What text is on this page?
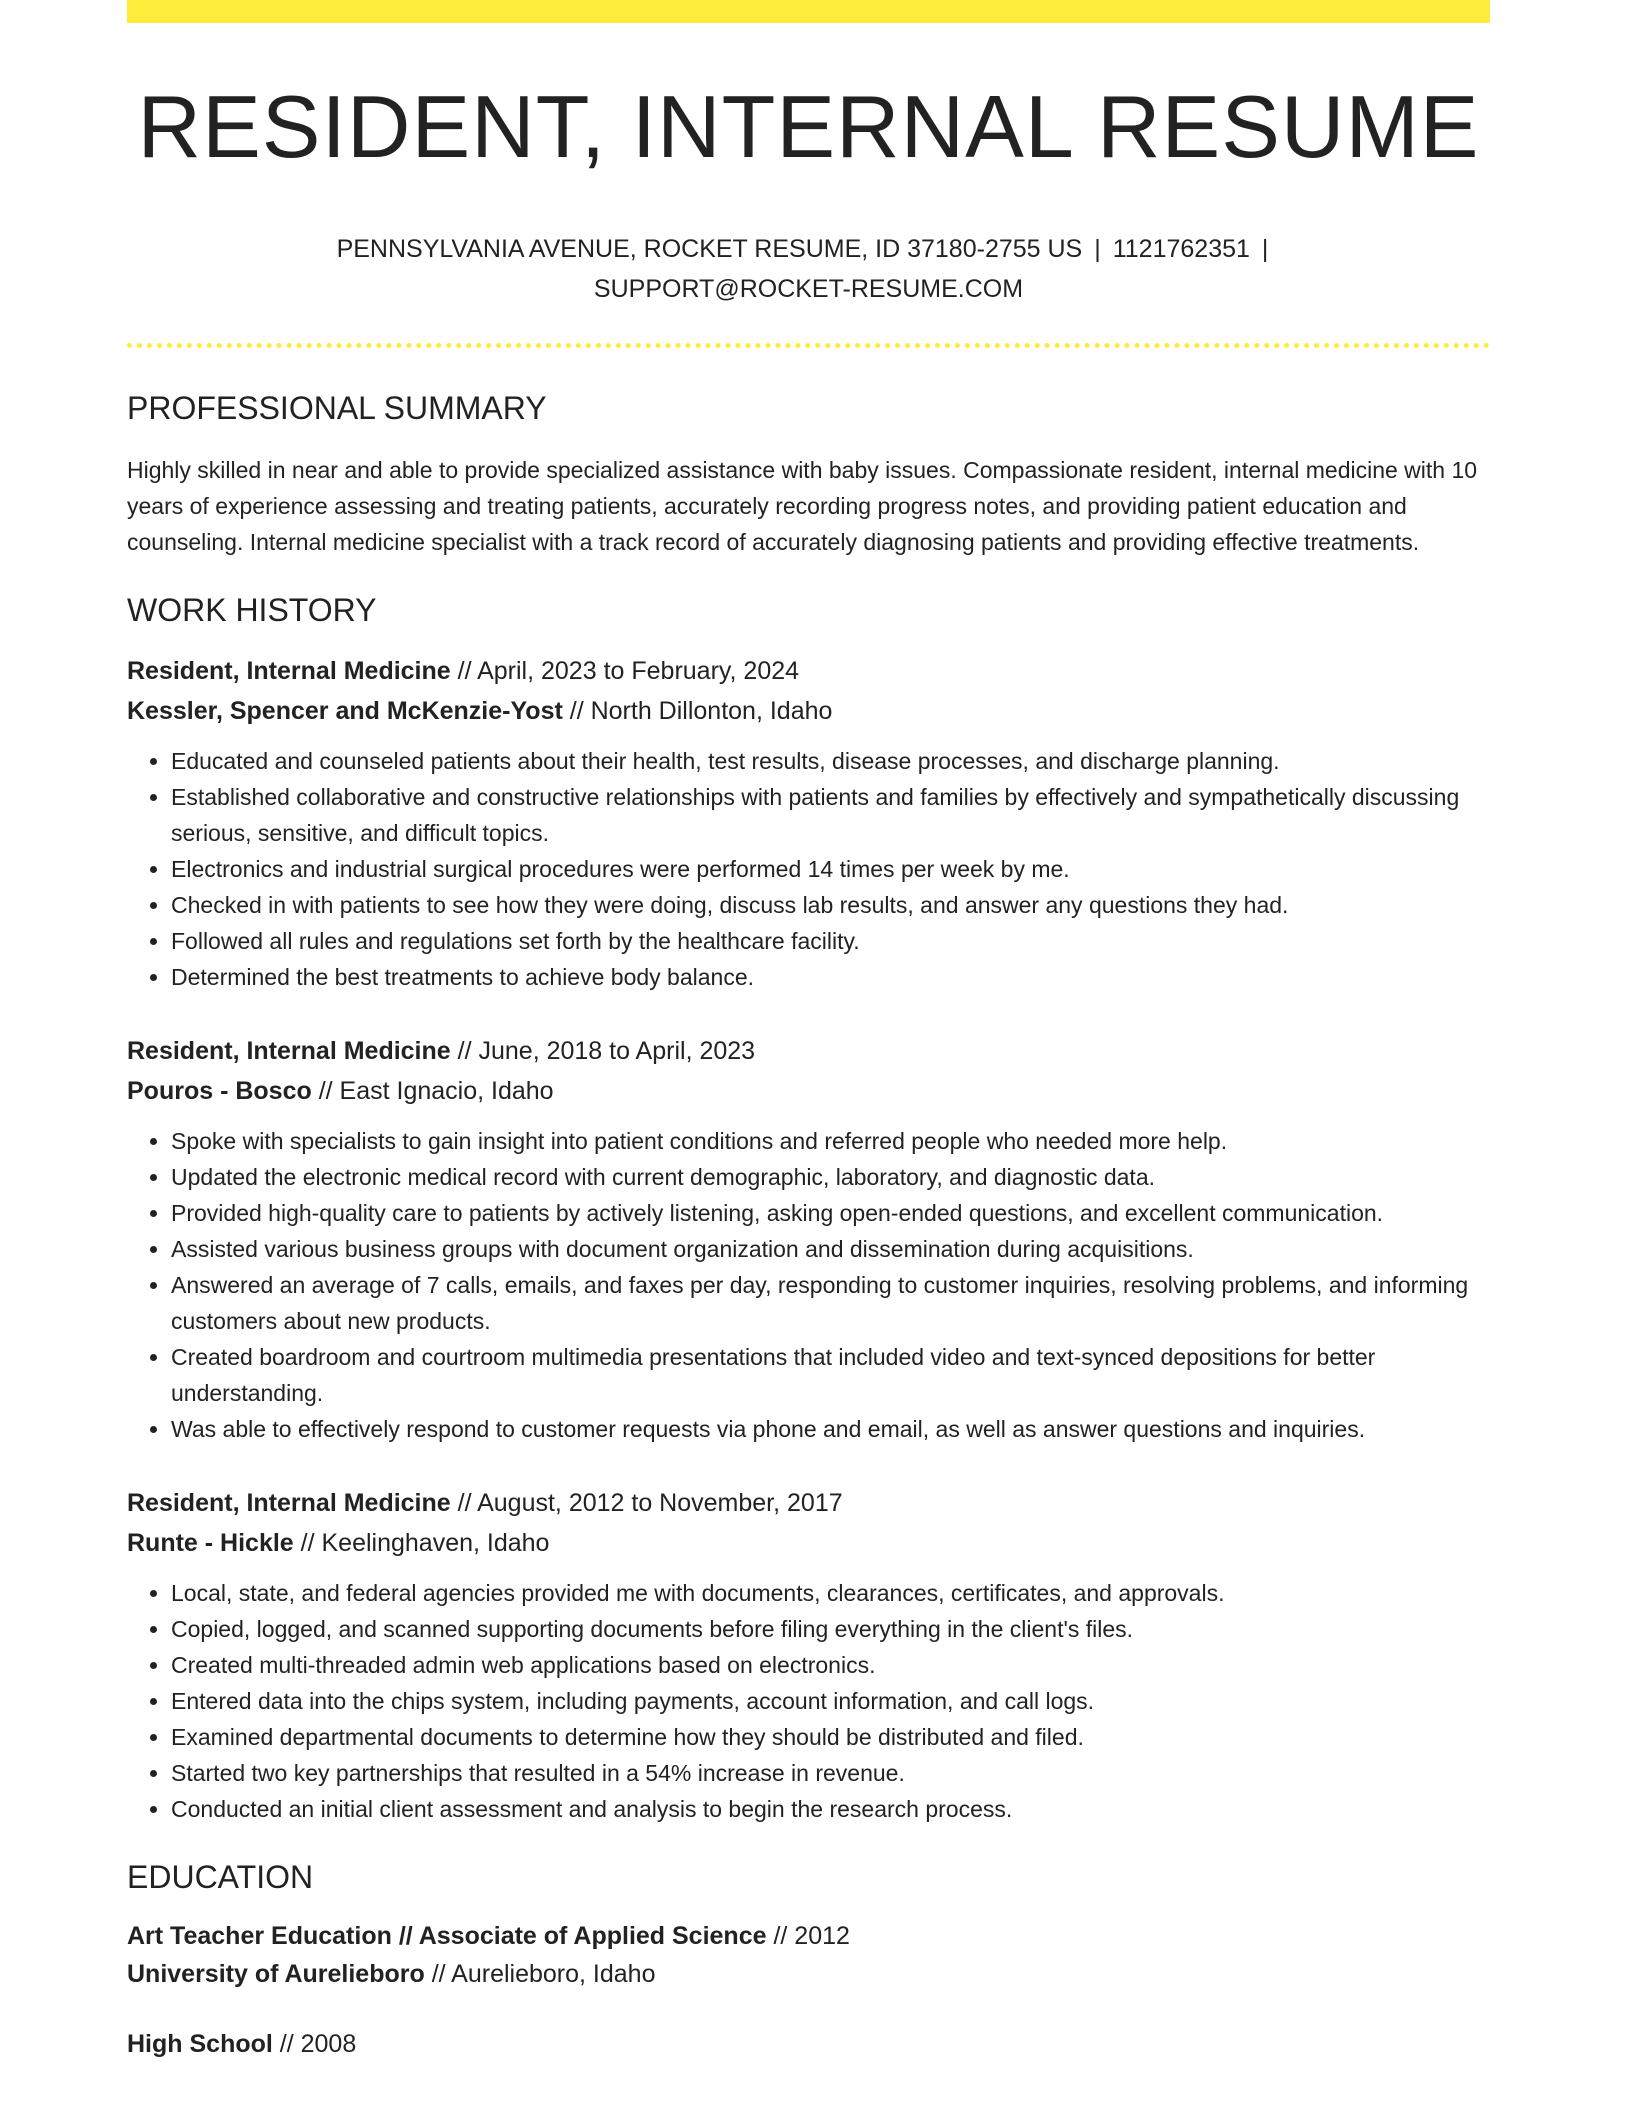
RESIDENT, INTERNAL RESUME
PENNSYLVANIA AVENUE, ROCKET RESUME, ID 37180-2755 US | 1121762351 |
SUPPORT@ROCKET-RESUME.COM
PROFESSIONAL SUMMARY

Highly skilled in near and able to provide specialized assistance with baby issues. Compassionate resident, internal medicine with 10 years of experience assessing and treating patients, accurately recording progress notes, and providing patient education and counseling. Internal medicine specialist with a track record of accurately diagnosing patients and providing effective treatments.

WORK HISTORY
Resident, Internal Medicine // April, 2023 to February, 2024
Kessler, Spencer and McKenzie-Yost // North Dillonton, Idaho
• Educated and counseled patients about their health, test results, disease processes, and discharge planning.
• Established collaborative and constructive relationships with patients and families by effectively and sympathetically discussing serious, sensitive, and difficult topics.
• Electronics and industrial surgical procedures were performed 14 times per week by me.
• Checked in with patients to see how they were doing, discuss lab results, and answer any questions they had.
• Followed all rules and regulations set forth by the healthcare facility.
• Determined the best treatments to achieve body balance.
Resident, Internal Medicine // June, 2018 to April, 2023
Pouros - Bosco // East Ignacio, Idaho
• Spoke with specialists to gain insight into patient conditions and referred people who needed more help.
• Updated the electronic medical record with current demographic, laboratory, and diagnostic data.
• Provided high-quality care to patients by actively listening, asking open-ended questions, and excellent communication.
• Assisted various business groups with document organization and dissemination during acquisitions.
• Answered an average of 7 calls, emails, and faxes per day, responding to customer inquiries, resolving problems, and informing customers about new products.
• Created boardroom and courtroom multimedia presentations that included video and text-synced depositions for better understanding.
• Was able to effectively respond to customer requests via phone and email, as well as answer questions and inquiries.
Resident, Internal Medicine // August, 2012 to November, 2017
Runte - Hickle // Keelinghaven, Idaho
• Local, state, and federal agencies provided me with documents, clearances, certificates, and approvals.
• Copied, logged, and scanned supporting documents before filing everything in the client's files.
• Created multi-threaded admin web applications based on electronics.
• Entered data into the chips system, including payments, account information, and call logs.
• Examined departmental documents to determine how they should be distributed and filed.
• Started two key partnerships that resulted in a 54% increase in revenue.
• Conducted an initial client assessment and analysis to begin the research process.
EDUCATION
Art Teacher Education // Associate of Applied Science // 2012
University of Aurelieboro // Aurelieboro, Idaho
High School // 2008
